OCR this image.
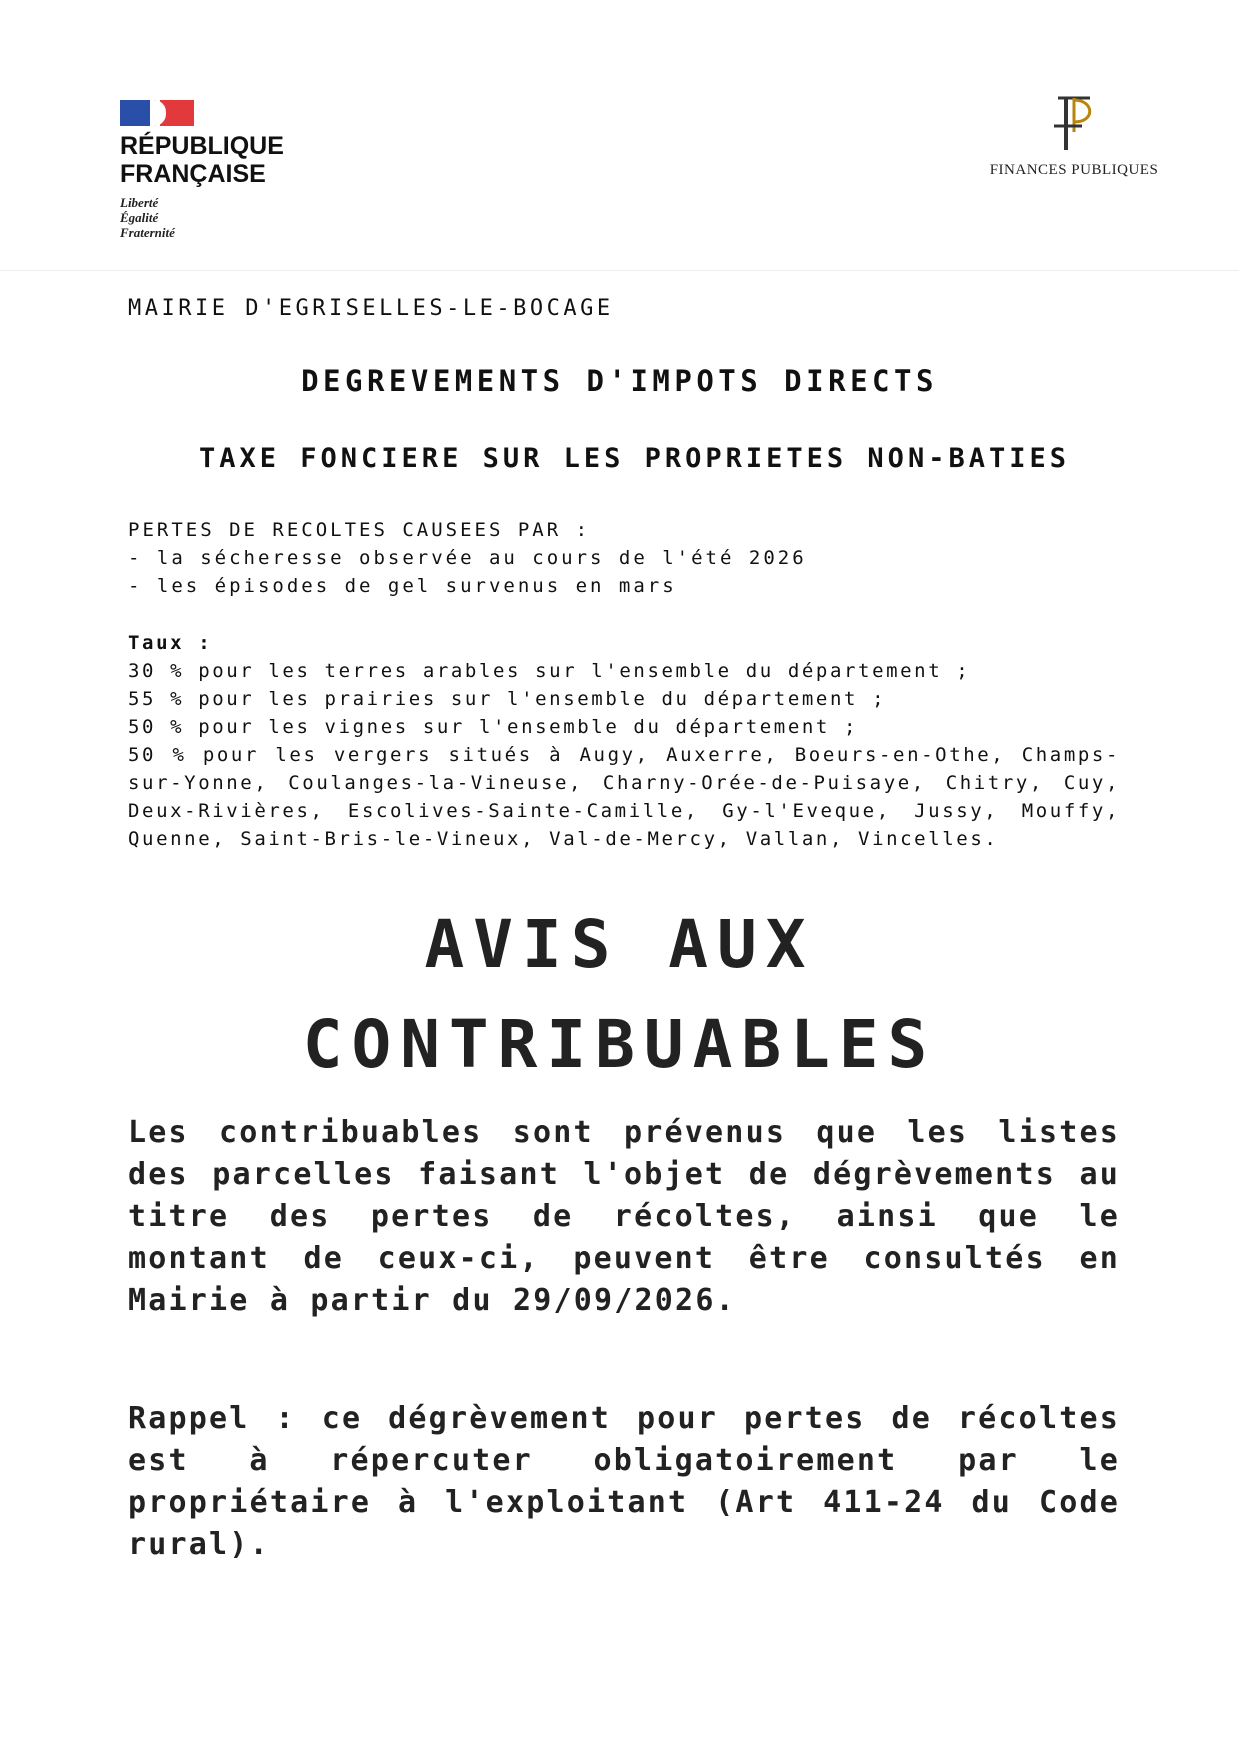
RÉPUBLIQUE

FRANÇAISE

Liberté
Égalité
Fraternité
FINANCES PUBLIQUES
MAIRIE D'EGRISELLES-LE-BOCAGE
DEGREVEMENTS D'IMPOTS DIRECTS
TAXE FONCIERE SUR LES PROPRIETES NON-BATIES
PERTES DE RECOLTES CAUSEES PAR :
- la sécheresse observée au cours de l'été 2026
- les épisodes de gel survenus en mars
Taux :
30 % pour les terres arables sur l'ensemble du département ;
55 % pour les prairies sur l'ensemble du département ;
50 % pour les vignes sur l'ensemble du département ;
50 % pour les vergers situés à Augy, Auxerre, Boeurs-en-Othe, Champs-sur-Yonne, Coulanges-la-Vineuse, Charny-Orée-de-Puisaye, Chitry, Cuy, Deux-Rivières, Escolives-Sainte-Camille, Gy-l'Eveque, Jussy, Mouffy, Quenne, Saint-Bris-le-Vineux, Val-de-Mercy, Vallan, Vincelles.
AVIS AUX
CONTRIBUABLES
Les contribuables sont prévenus que les listes des parcelles faisant l'objet de dégrèvements au titre des pertes de récoltes, ainsi que le montant de ceux-ci, peuvent être consultés en Mairie à partir du 29/09/2026.
Rappel : ce dégrèvement pour pertes de récoltes est à répercuter obligatoirement par le propriétaire à l'exploitant (Art 411-24 du Code rural).
